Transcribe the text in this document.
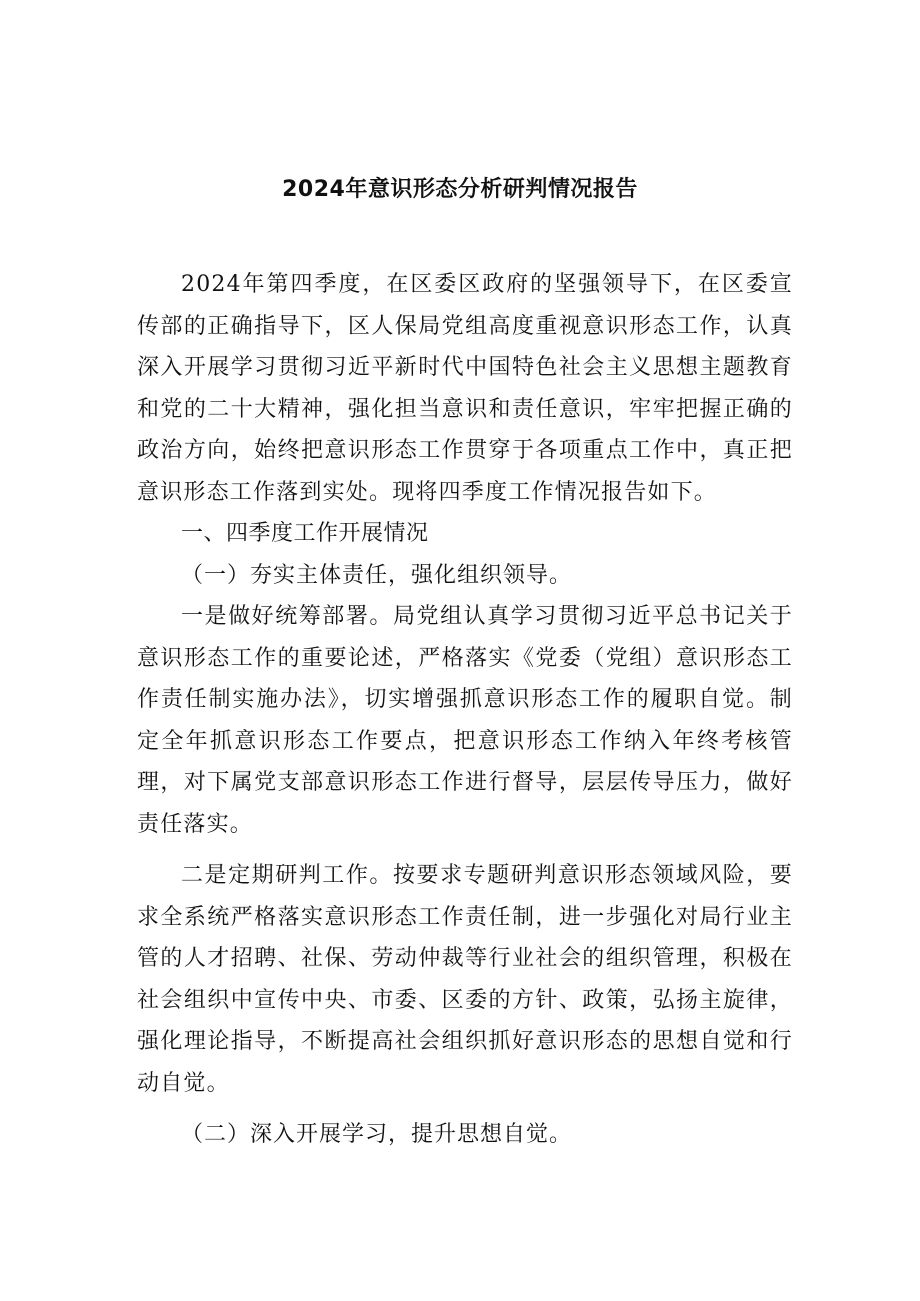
2024年意识形态分析研判情况报告

2024年第四季度，在区委区政府的坚强领导下，在区委宣传部的正确指导下，区人保局党组高度重视意识形态工作，认真深入开展学习贯彻习近平新时代中国特色社会主义思想主题教育和党的二十大精神，强化担当意识和责任意识，牢牢把握正确的政治方向，始终把意识形态工作贯穿于各项重点工作中，真正把意识形态工作落到实处。现将四季度工作情况报告如下。

一、四季度工作开展情况

（一）夯实主体责任，强化组织领导。

一是做好统筹部署。局党组认真学习贯彻习近平总书记关于意识形态工作的重要论述，严格落实《党委（党组）意识形态工作责任制实施办法》，切实增强抓意识形态工作的履职自觉。制定全年抓意识形态工作要点，把意识形态工作纳入年终考核管理，对下属党支部意识形态工作进行督导，层层传导压力，做好责任落实。

二是定期研判工作。按要求专题研判意识形态领域风险，要求全系统严格落实意识形态工作责任制，进一步强化对局行业主管的人才招聘、社保、劳动仲裁等行业社会的组织管理，积极在社会组织中宣传中央、市委、区委的方针、政策，弘扬主旋律，强化理论指导，不断提高社会组织抓好意识形态的思想自觉和行动自觉。

（二）深入开展学习，提升思想自觉。
